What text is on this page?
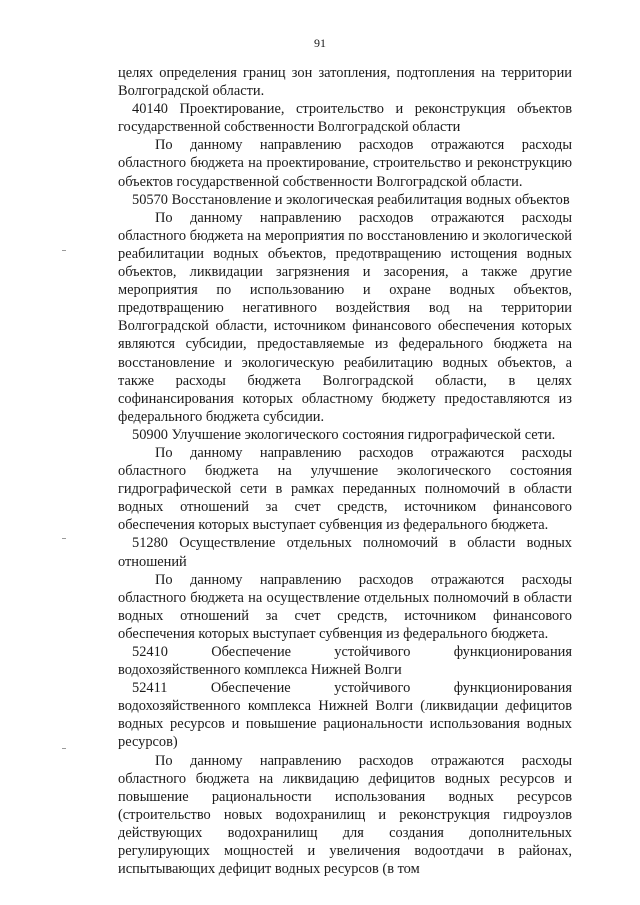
91

целях определения границ зон затопления, подтопления на территории Волгоградской области.

40140 Проектирование, строительство и реконструкция объектов государственной собственности Волгоградской области

По данному направлению расходов отражаются расходы областного бюджета на проектирование, строительство и реконструкцию объектов государственной собственности Волгоградской области.

50570 Восстановление и экологическая реабилитация водных объектов

По данному направлению расходов отражаются расходы областного бюджета на мероприятия по восстановлению и экологической реабилитации водных объектов, предотвращению истощения водных объектов, ликвидации загрязнения и засорения, а также другие мероприятия по использованию и охране водных объектов, предотвращению негативного воздействия вод на территории Волгоградской области, источником финансового обеспечения которых являются субсидии, предоставляемые из федерального бюджета на восстановление и экологическую реабилитацию водных объектов, а также расходы бюджета Волгоградской области, в целях софинансирования которых областному бюджету предоставляются из федерального бюджета субсидии.

50900 Улучшение экологического состояния гидрографической сети.

По данному направлению расходов отражаются расходы областного бюджета на улучшение экологического состояния гидрографической сети в рамках переданных полномочий в области водных отношений за счет средств, источником финансового обеспечения которых выступает субвенция из федерального бюджета.

51280 Осуществление отдельных полномочий в области водных отношений

По данному направлению расходов отражаются расходы областного бюджета на осуществление отдельных полномочий в области водных отношений за счет средств, источником финансового обеспечения которых выступает субвенция из федерального бюджета.

52410	Обеспечение	устойчивого	функционирования

водохозяйственного комплекса Нижней Волги

52411	Обеспечение	устойчивого	функционирования

водохозяйственного комплекса Нижней Волги (ликвидации дефицитов водных ресурсов и повышение рациональности использования водных ресурсов)

По данному направлению расходов отражаются расходы областного бюджета на ликвидацию дефицитов водных ресурсов и повышение рациональности использования водных ресурсов (строительство новых водохранилищ и реконструкция гидроузлов действующих водохранилищ для создания дополнительных регулирующих мощностей и увеличения водоотдачи в районах, испытывающих дефицит водных ресурсов (в том
